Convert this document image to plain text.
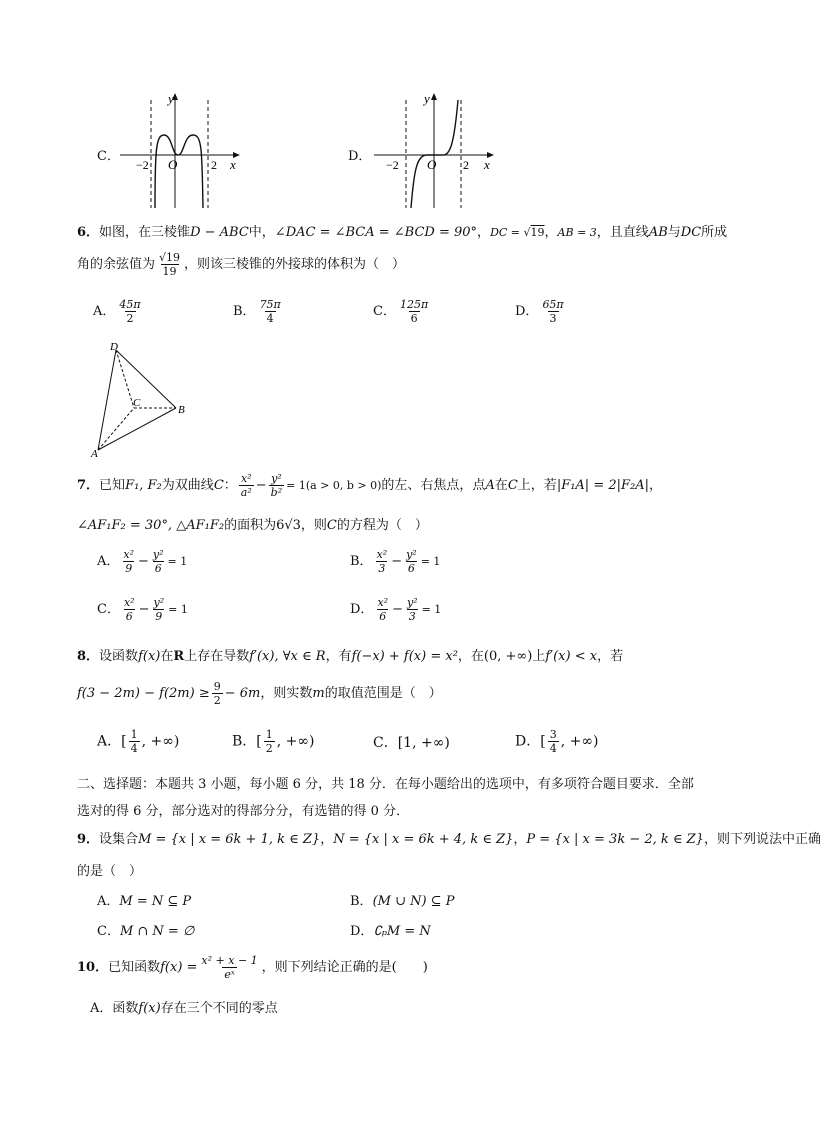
C．
y
x
O
−2	2
D．
y
x
O
−2	2
6．如图，在三棱锥D − ABC中，∠DAC = ∠BCA = ∠BCD = 90°，DC = √19，AB = 3，且直线AB与DC所成
角的余弦值为 $\frac{√19}{19}$ ，则该三棱锥的外接球的体积为（　）
A． $\frac{45\pi}{2}$	B． $\frac{75\pi}{4}$	C． $\frac{125\pi}{6}$	D． $\frac{65\pi}{3}$
D
C
B
A
7．已知F₁, F₂为双曲线C： $\frac{\text{x²}}{\text{a²}} - \frac{\text{y²}}{\text{b²}} = 1(a > 0$, b > 0)的左、右焦点，点A在C上，若|F₁A| = 2|F₂A|，
∠AF₁F₂ = 30°, △AF₁F₂的面积为6√3，则C的方程为（　）
A． $\frac{\text{x²}}{9} - \frac{\text{y²}}{6} = 1$	B． $\frac{\text{x²}}{3} - \frac{\text{y²}}{6} = 1$
C． $\frac{\text{x²}}{6} - \frac{\text{y²}}{9} = 1$	D． $\frac{\text{x²}}{6} - \frac{\text{y²}}{3} = 1$
8．设函数f(x)在R上存在导数f′(x), ∀x ∈ R，有f(−x) + f(x) = x²，在(0, +∞)上f′(x) < x，若
$f(3 - 2m) - f(2m) \ge \frac{9}{2} - 6m$，则实数m的取值范围是（　）
A．[ $\frac{1}{4}$ , +∞)	B．[ $\frac{1}{2}$ , +∞)	C．[1, +∞)	D．[ $\frac{3}{4}$ , +∞)
二、选择题：本题共 3 小题，每小题 6 分，共 18 分．在每小题给出的选项中，有多项符合题目要求．全部
选对的得 6 分，部分选对的得部分分，有选错的得 0 分．
9．设集合M = {x | x = 6k + 1, k ∈ Z}，N = {x | x = 6k + 4, k ∈ Z}，P = {x | x = 3k − 2, k ∈ Z}，则下列说法中正确
的是（　）
A．M = N ⊆ P	B．(M ∪ N) ⊆ P
C．M ∩ N = ∅	D．∁ₚM = N
10．已知函数$f(x) = \frac{\text{x² + x − 1}}{\text{eˣ}}$ ，则下列结论正确的是(　　)
A．函数f(x)存在三个不同的零点
